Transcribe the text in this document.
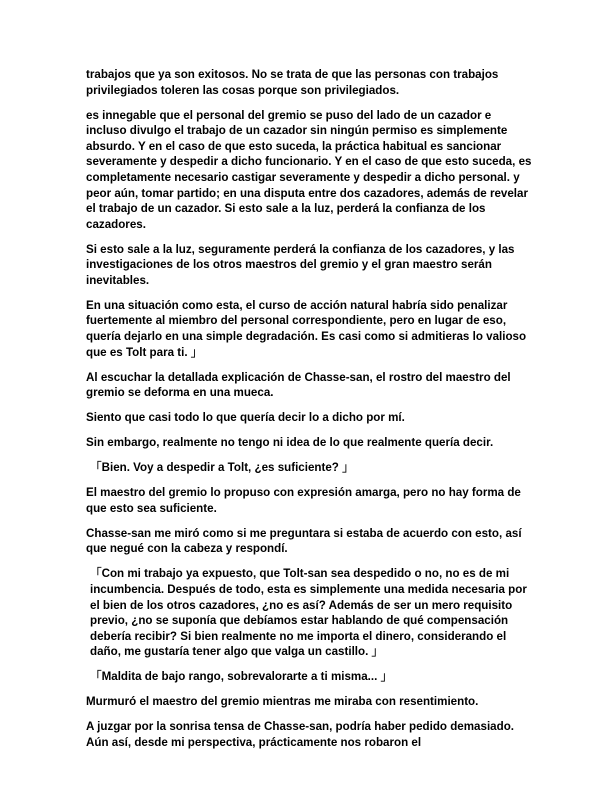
trabajos que ya son exitosos. No se trata de que las personas con trabajos privilegiados toleren las cosas porque son privilegiados.

es innegable que el personal del gremio se puso del lado de un cazador e incluso divulgo el trabajo de un cazador sin ningún permiso es simplemente absurdo. Y en el caso de que esto suceda, la práctica habitual es sancionar severamente y despedir a dicho funcionario. Y en el caso de que esto suceda, es completamente necesario castigar severamente y despedir a dicho personal. y peor aún, tomar partido; en una disputa entre dos cazadores, además de revelar el trabajo de un cazador. Si esto sale a la luz, perderá la confianza de los cazadores.

Si esto sale a la luz, seguramente perderá la confianza de los cazadores, y las investigaciones de los otros maestros del gremio y el gran maestro serán inevitables.

En una situación como esta, el curso de acción natural habría sido penalizar fuertemente al miembro del personal correspondiente, pero en lugar de eso, quería dejarlo en una simple degradación. Es casi como si admitieras lo valioso que es Tolt para ti. 」

Al escuchar la detallada explicación de Chasse-san, el rostro del maestro del gremio se deforma en una mueca.

Siento que casi todo lo que quería decir lo a dicho por mí.

Sin embargo, realmente no tengo ni idea de lo que realmente quería decir.

「Bien. Voy a despedir a Tolt, ¿es suficiente? 」

El maestro del gremio lo propuso con expresión amarga, pero no hay forma de que esto sea suficiente.

Chasse-san me miró como si me preguntara si estaba de acuerdo con esto, así que negué con la cabeza y respondí.

「Con mi trabajo ya expuesto, que Tolt-san sea despedido o no, no es de mi incumbencia. Después de todo, esta es simplemente una medida necesaria por el bien de los otros cazadores, ¿no es así? Además de ser un mero requisito previo, ¿no se suponía que debíamos estar hablando de qué compensación debería recibir? Si bien realmente no me importa el dinero, considerando el daño, me gustaría tener algo que valga un castillo. 」

「Maldita de bajo rango, sobrevalorarte a ti misma... 」

Murmuró el maestro del gremio mientras me miraba con resentimiento.

A juzgar por la sonrisa tensa de Chasse-san, podría haber pedido demasiado. Aún así, desde mi perspectiva, prácticamente nos robaron el
